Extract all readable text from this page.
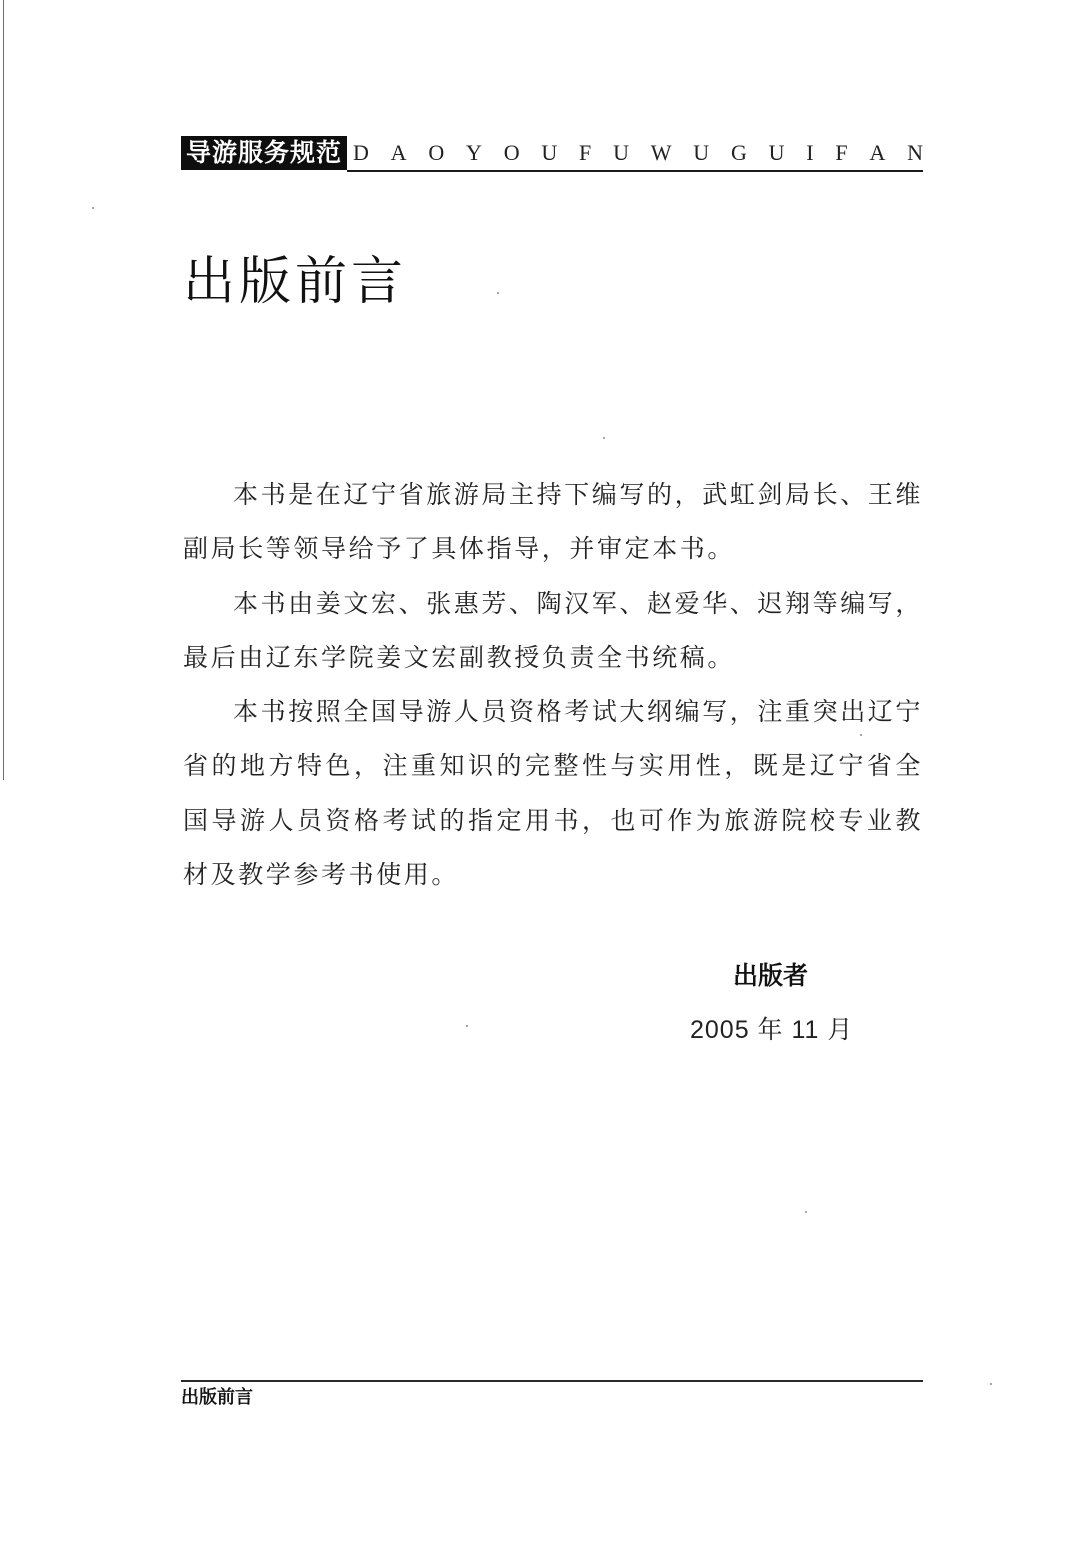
导游服务规范 D A O Y O U F U W U G U I F A N
出版前言

本书是在辽宁省旅游局主持下编写的，武虹剑局长、王维副局长等领导给予了具体指导，并审定本书。

本书由姜文宏、张惠芳、陶汉军、赵爱华、迟翔等编写，最后由辽东学院姜文宏副教授负责全书统稿。

本书按照全国导游人员资格考试大纲编写，注重突出辽宁省的地方特色，注重知识的完整性与实用性，既是辽宁省全国导游人员资格考试的指定用书，也可作为旅游院校专业教材及教学参考书使用。

出版者
2005 年 11 月
出版前言
